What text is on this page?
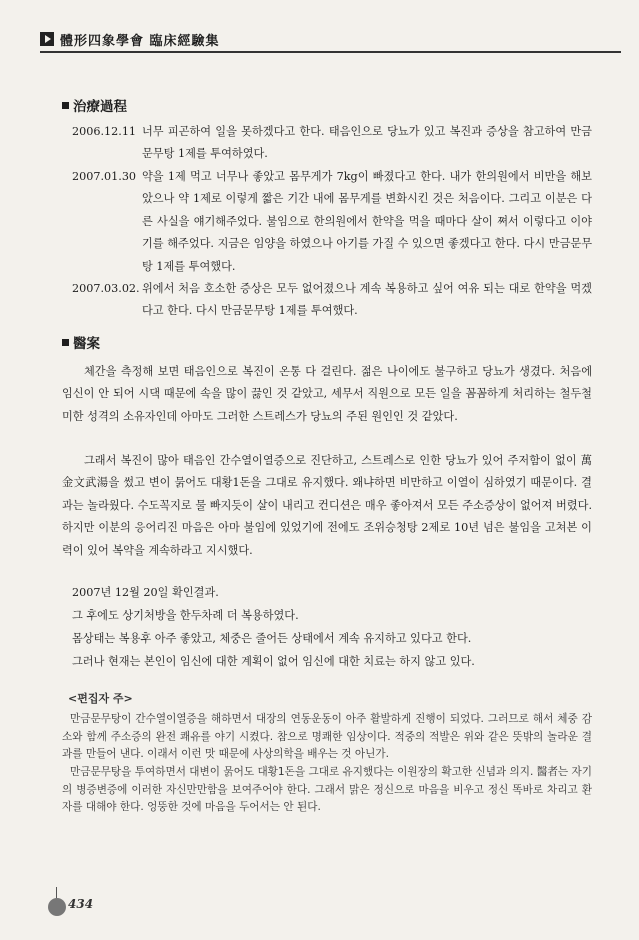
體形四象學會 臨床經驗集
治療過程
2006.12.11 너무 피곤하여 일을 못하겠다고 한다. 태음인으로 당뇨가 있고 복진과 증상을 참고하여 만금문무탕 1제를 투여하였다.
2007.01.30 약을 1제 먹고 너무나 좋았고 몸무게가 7kg이 빠졌다고 한다. 내가 한의원에서 비만을 해보았으나 약 1제로 이렇게 짧은 기간 내에 몸무게를 변화시킨 것은 처음이다. 그리고 이분은 다른 사실을 얘기해주었다. 불임으로 한의원에서 한약을 먹을 때마다 살이 쪄서 이렇다고 이야기를 해주었다. 지금은 임양을 하였으나 아기를 가질 수 있으면 좋겠다고 한다. 다시 만금문무탕 1제를 투여했다.
2007.03.02. 위에서 처음 호소한 증상은 모두 없어졌으나 계속 복용하고 싶어 여유 되는 대로 한약을 먹겠다고 한다. 다시 만금문무탕 1제를 투여했다.
醫案
체간을 측정해 보면 태음인으로 복진이 온통 다 걸린다. 젊은 나이에도 불구하고 당뇨가 생겼다. 처음에 임신이 안 되어 시댁 때문에 속을 많이 끓인 것 같았고, 세무서 직원으로 모든 일을 꼼꼼하게 처리하는 철두철미한 성격의 소유자인데 아마도 그러한 스트레스가 당뇨의 주된 원인인 것 같았다.
그래서 복진이 많아 태음인 간수열이열증으로 진단하고, 스트레스로 인한 당뇨가 있어 주저함이 없이 萬金文武湯을 썼고 변이 묽어도 대황1돈을 그대로 유지했다. 왜냐하면 비만하고 이열이 심하였기 때문이다. 결과는 놀라웠다. 수도꼭지로 물 빠지듯이 살이 내리고 컨디션은 매우 좋아져서 모든 주소증상이 없어져 버렸다. 하지만 이분의 응어리진 마음은 아마 불임에 있었기에 전에도 조위승청탕 2제로 10년 넘은 불임을 고쳐본 이력이 있어 복약을 계속하라고 지시했다.
2007년 12월 20일 확인결과.
그 후에도 상기처방을 한두차례 더 복용하였다.
몸상태는 복용후 아주 좋았고, 체중은 줄어든 상태에서 계속 유지하고 있다고 한다.
그러나 현재는 본인이 임신에 대한 계획이 없어 임신에 대한 치료는 하지 않고 있다.
<편집자 주>
만금문무탕이 간수열이열증을 해하면서 대장의 연동운동이 아주 활발하게 진행이 되었다. 그러므로 해서 체중 감소와 함께 주소증의 완전 쾌유를 야기 시켰다. 참으로 명쾌한 임상이다. 적중의 적발은 위와 같은 뜻밖의 놀라운 결과를 만들어 낸다. 이래서 이런 맛 때문에 사상의학을 배우는 것 아닌가.
만금문무탕을 투여하면서 대변이 묽어도 대황1돈을 그대로 유지했다는 이원장의 확고한 신념과 의지. 醫者는 자기의 병증변증에 이러한 자신만만함을 보여주어야 한다. 그래서 맑은 정신으로 마음을 비우고 정신 똑바로 차리고 환자를 대해야 한다. 엉뚱한 것에 마음을 두어서는 안 된다.
434
